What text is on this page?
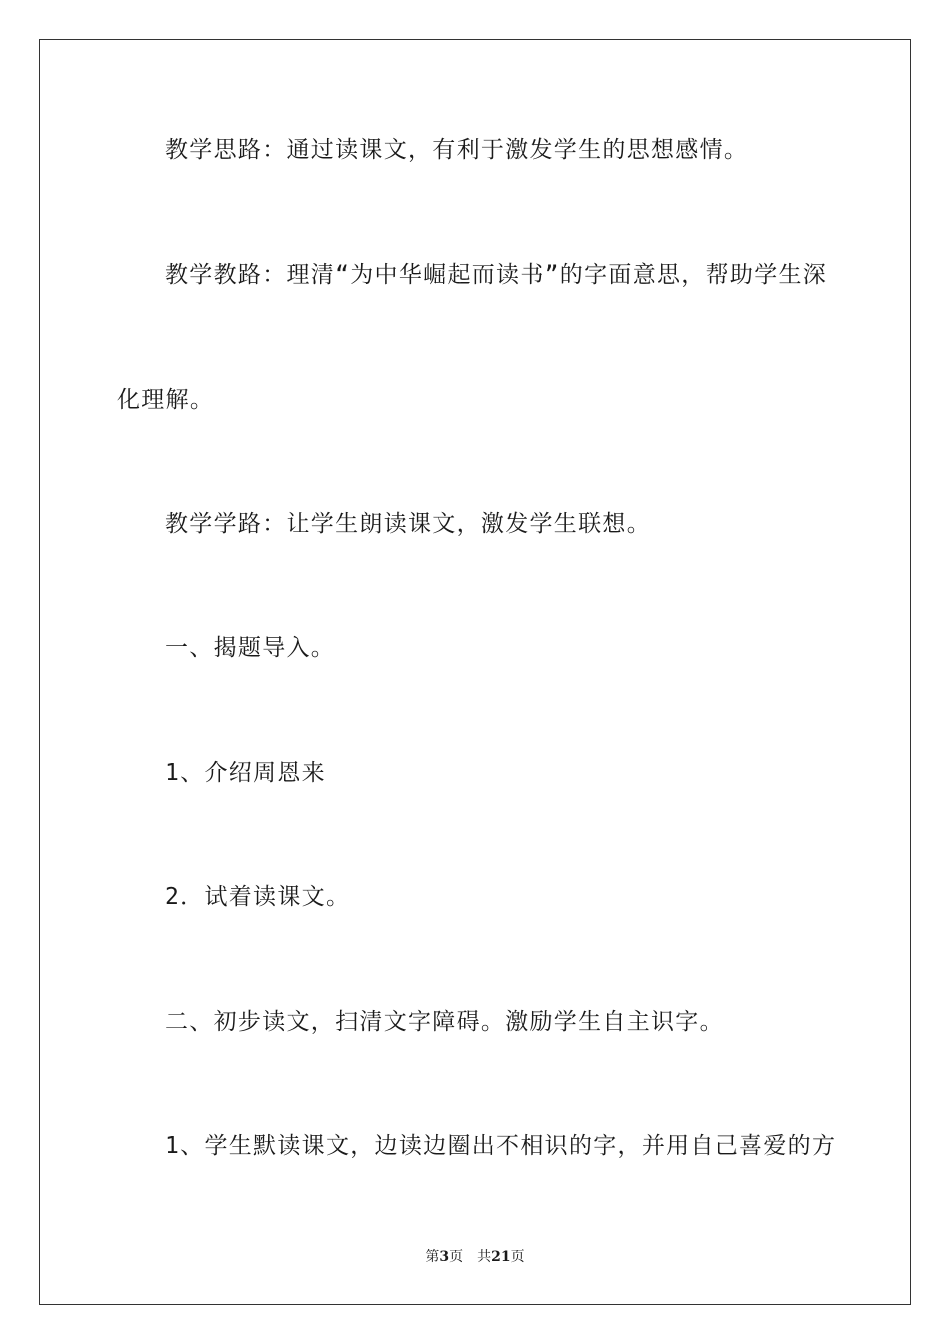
教学思路：通过读课文，有利于激发学生的思想感情。
教学教路：理清“为中华崛起而读书”的字面意思，帮助学生深
化理解。
教学学路：让学生朗读课文，激发学生联想。
一、揭题导入。
1、介绍周恩来
2．试着读课文。
二、初步读文，扫清文字障碍。激励学生自主识字。
1、学生默读课文，边读边圈出不相识的字，并用自己喜爱的方
第3页 共21页
